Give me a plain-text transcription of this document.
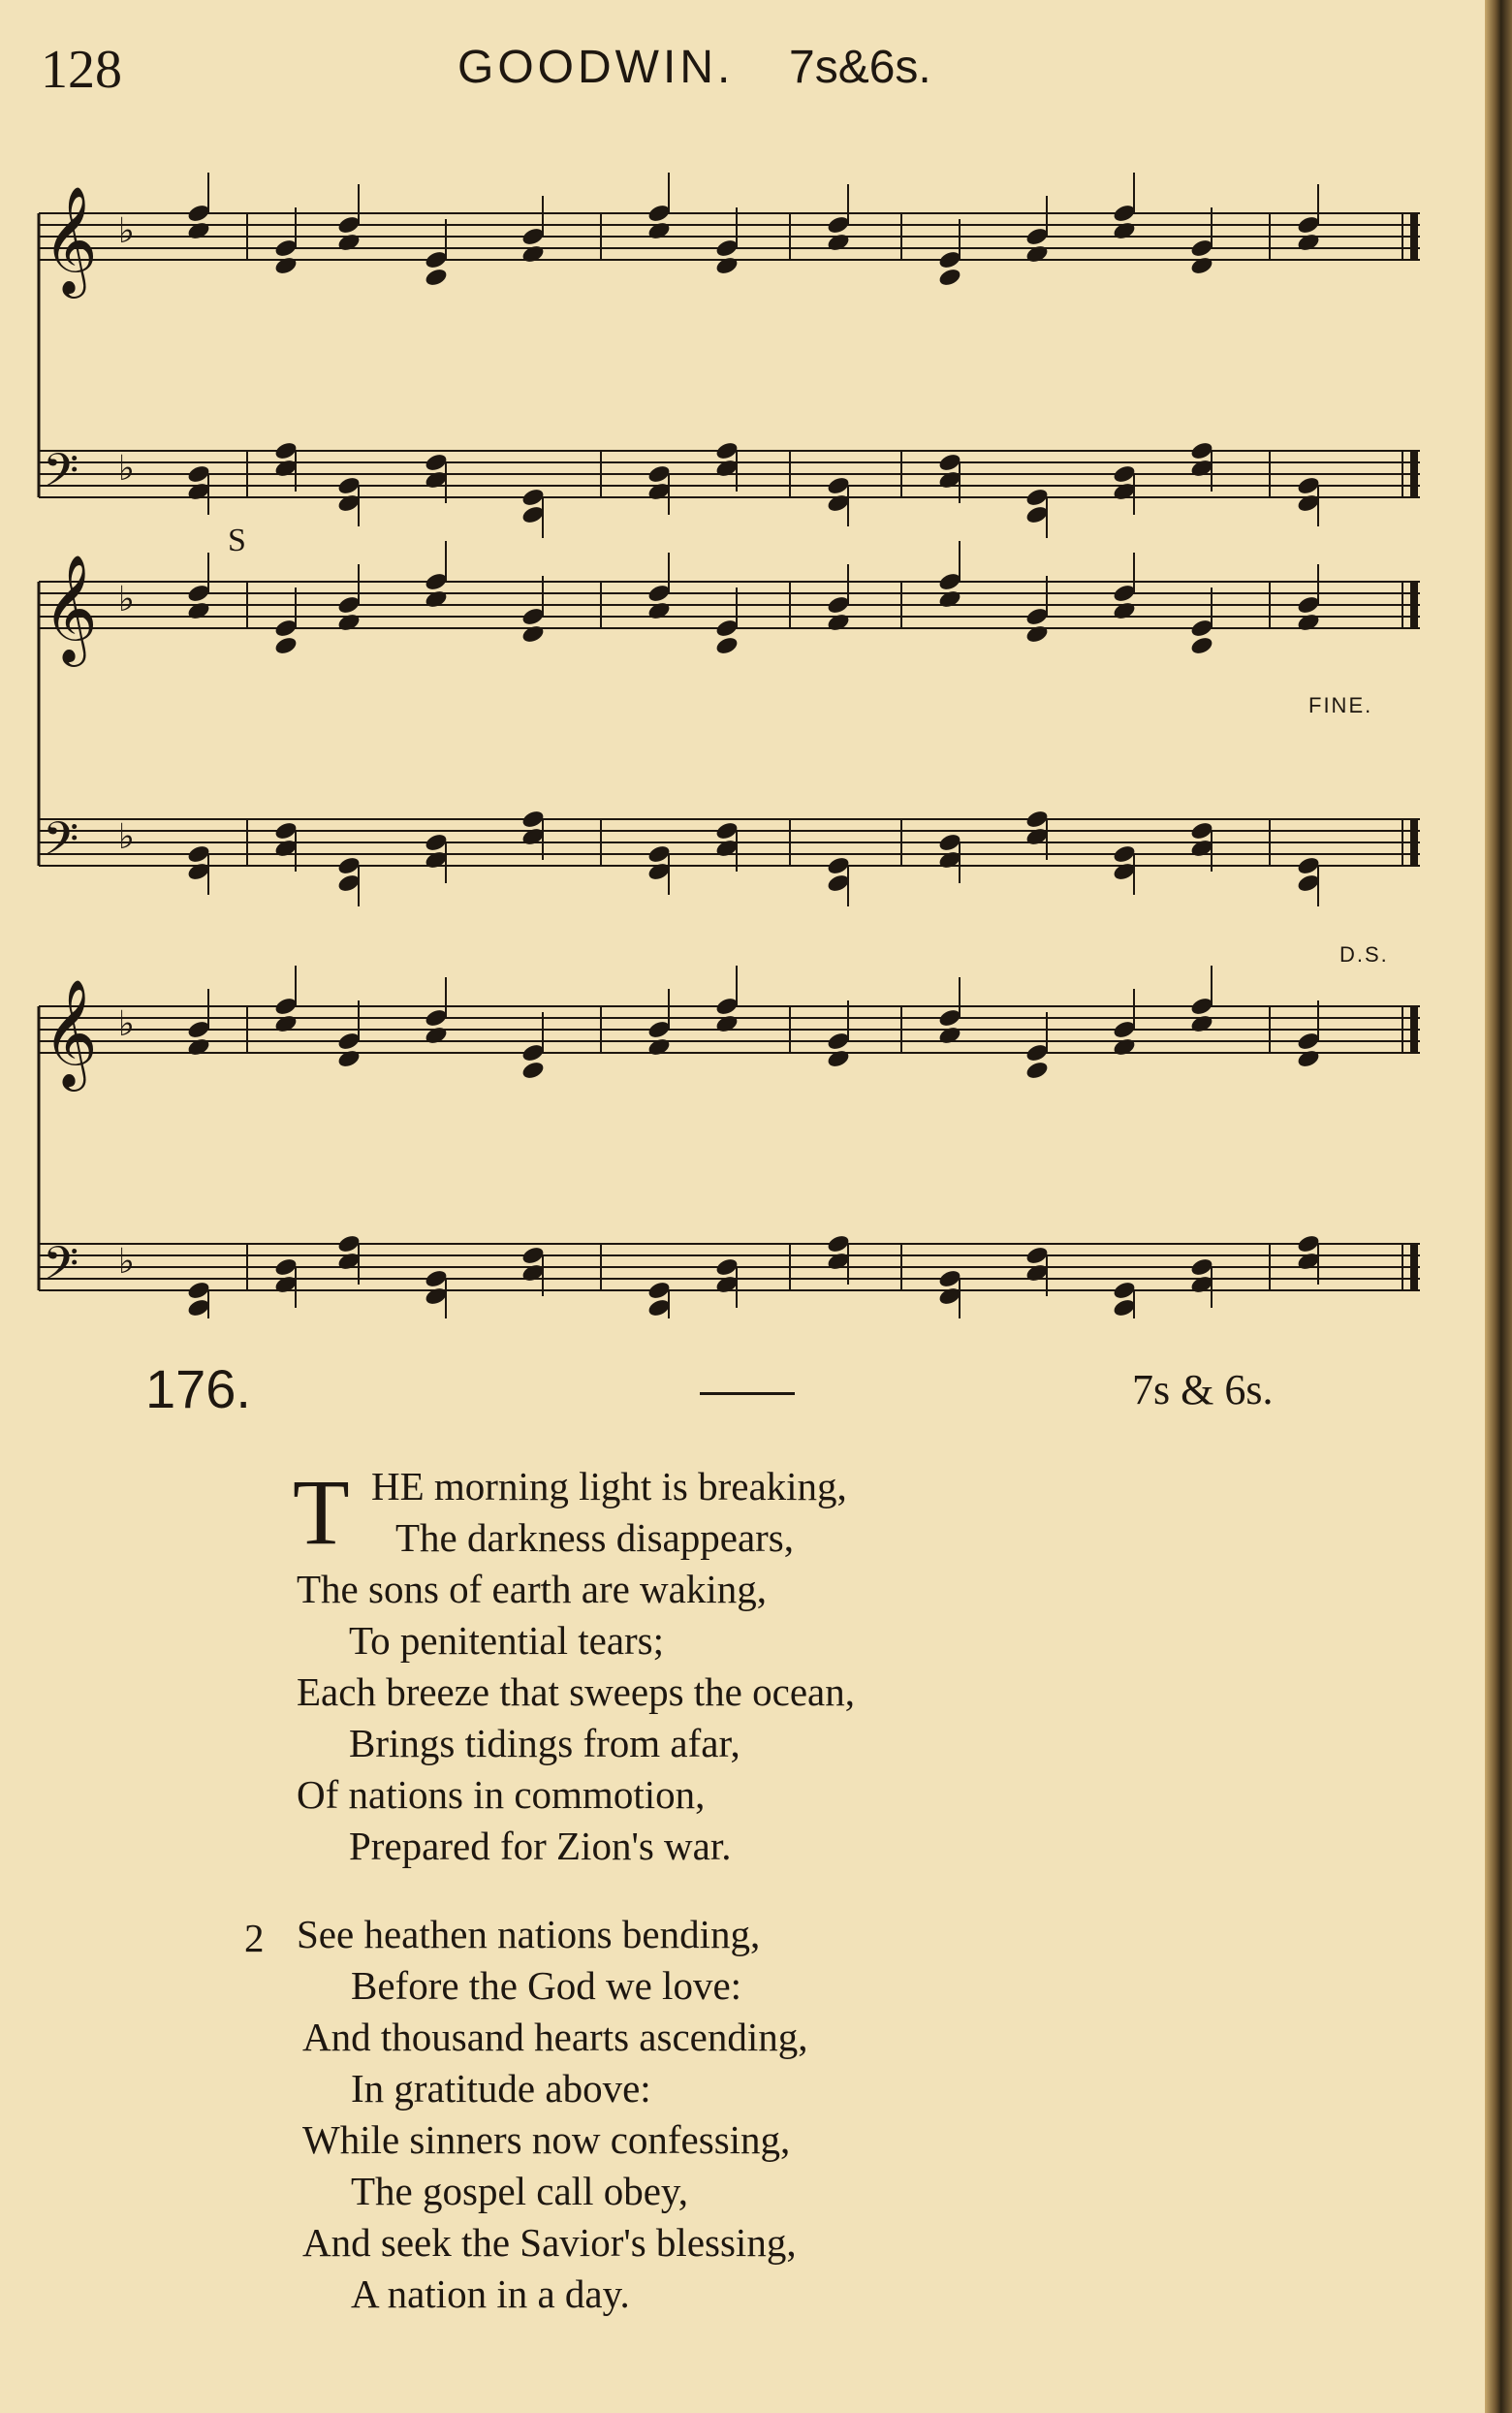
128	GOODWIN. 7s&6s.
𝄞 ♭
𝄢 ♭
𝄞 ♭
𝄢 ♭
𝄞 ♭
𝄢 ♭
S
FINE.
D.S.
176.	7s & 6s.
T HE morning light is breaking,
The darkness disappears,
The sons of earth are waking,
To penitential tears;
Each breeze that sweeps the ocean,
Brings tidings from afar,
Of nations in commotion,
Prepared for Zion's war.
2 See heathen nations bending,
Before the God we love:
And thousand hearts ascending,
In gratitude above:
While sinners now confessing,
The gospel call obey,
And seek the Savior's blessing,
A nation in a day.
